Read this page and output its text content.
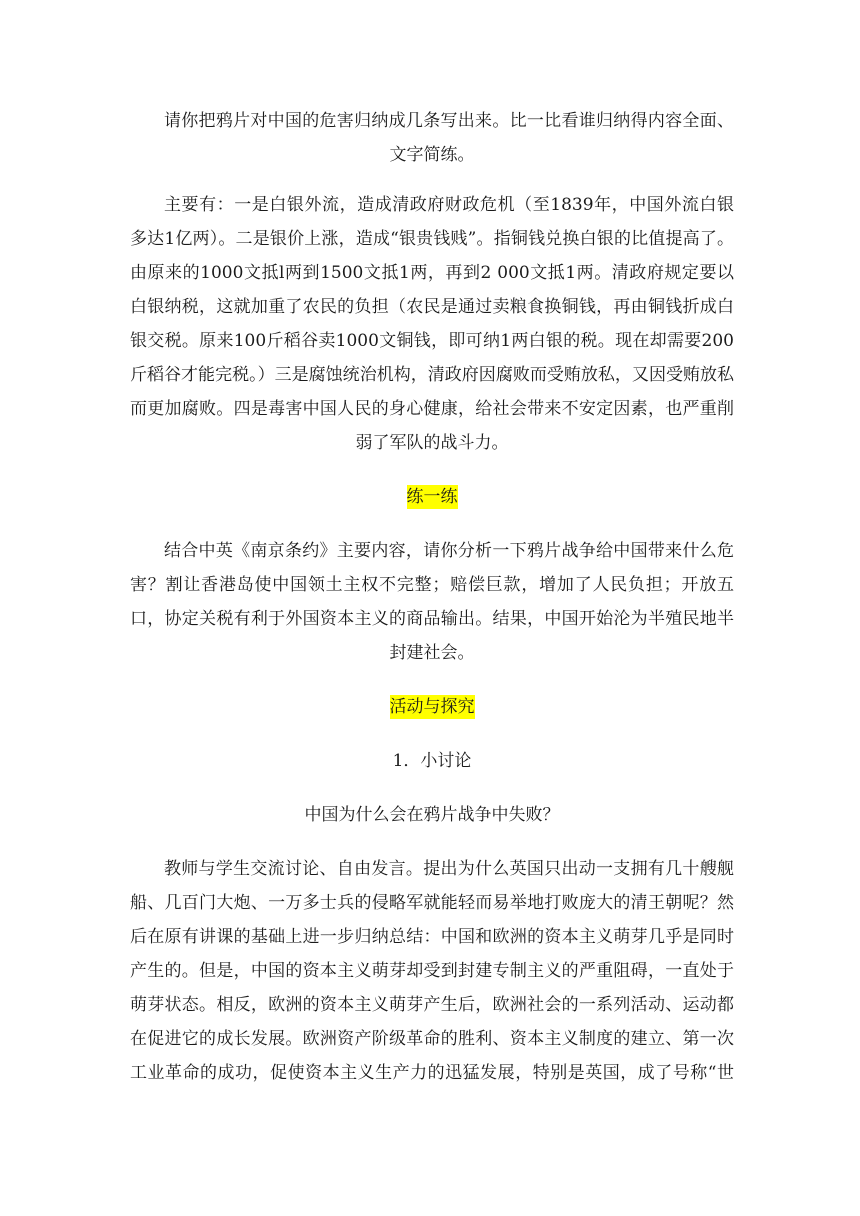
请你把鸦片对中国的危害归纳成几条写出来。比一比看谁归纳得内容全面、文字简练。

主要有：一是白银外流，造成清政府财政危机（至1839年，中国外流白银多达1亿两）。二是银价上涨，造成“银贵钱贱”。指铜钱兑换白银的比值提高了。由原来的1000文抵l两到1500文抵1两，再到2 000文抵1两。清政府规定要以白银纳税，这就加重了农民的负担（农民是通过卖粮食换铜钱，再由铜钱折成白银交税。原来100斤稻谷卖1000文铜钱，即可纳1两白银的税。现在却需要200斤稻谷才能完税。）三是腐蚀统治机构，清政府因腐败而受贿放私，又因受贿放私而更加腐败。四是毒害中国人民的身心健康，给社会带来不安定因素，也严重削弱了军队的战斗力。

练一练

结合中英《南京条约》主要内容，请你分析一下鸦片战争给中国带来什么危害？割让香港岛使中国领土主权不完整；赔偿巨款，增加了人民负担；开放五口，协定关税有利于外国资本主义的商品输出。结果，中国开始沦为半殖民地半封建社会。

活动与探究

1．小讨论

中国为什么会在鸦片战争中失败？

教师与学生交流讨论、自由发言。提出为什么英国只出动一支拥有几十艘舰船、几百门大炮、一万多士兵的侵略军就能轻而易举地打败庞大的清王朝呢？然后在原有讲课的基础上进一步归纳总结：中国和欧洲的资本主义萌芽几乎是同时产生的。但是，中国的资本主义萌芽却受到封建专制主义的严重阻碍，一直处于萌芽状态。相反，欧洲的资本主义萌芽产生后，欧洲社会的一系列活动、运动都在促进它的成长发展。欧洲资产阶级革命的胜利、资本主义制度的建立、第一次工业革命的成功，促使资本主义生产力的迅猛发展，特别是英国，成了号称“世
